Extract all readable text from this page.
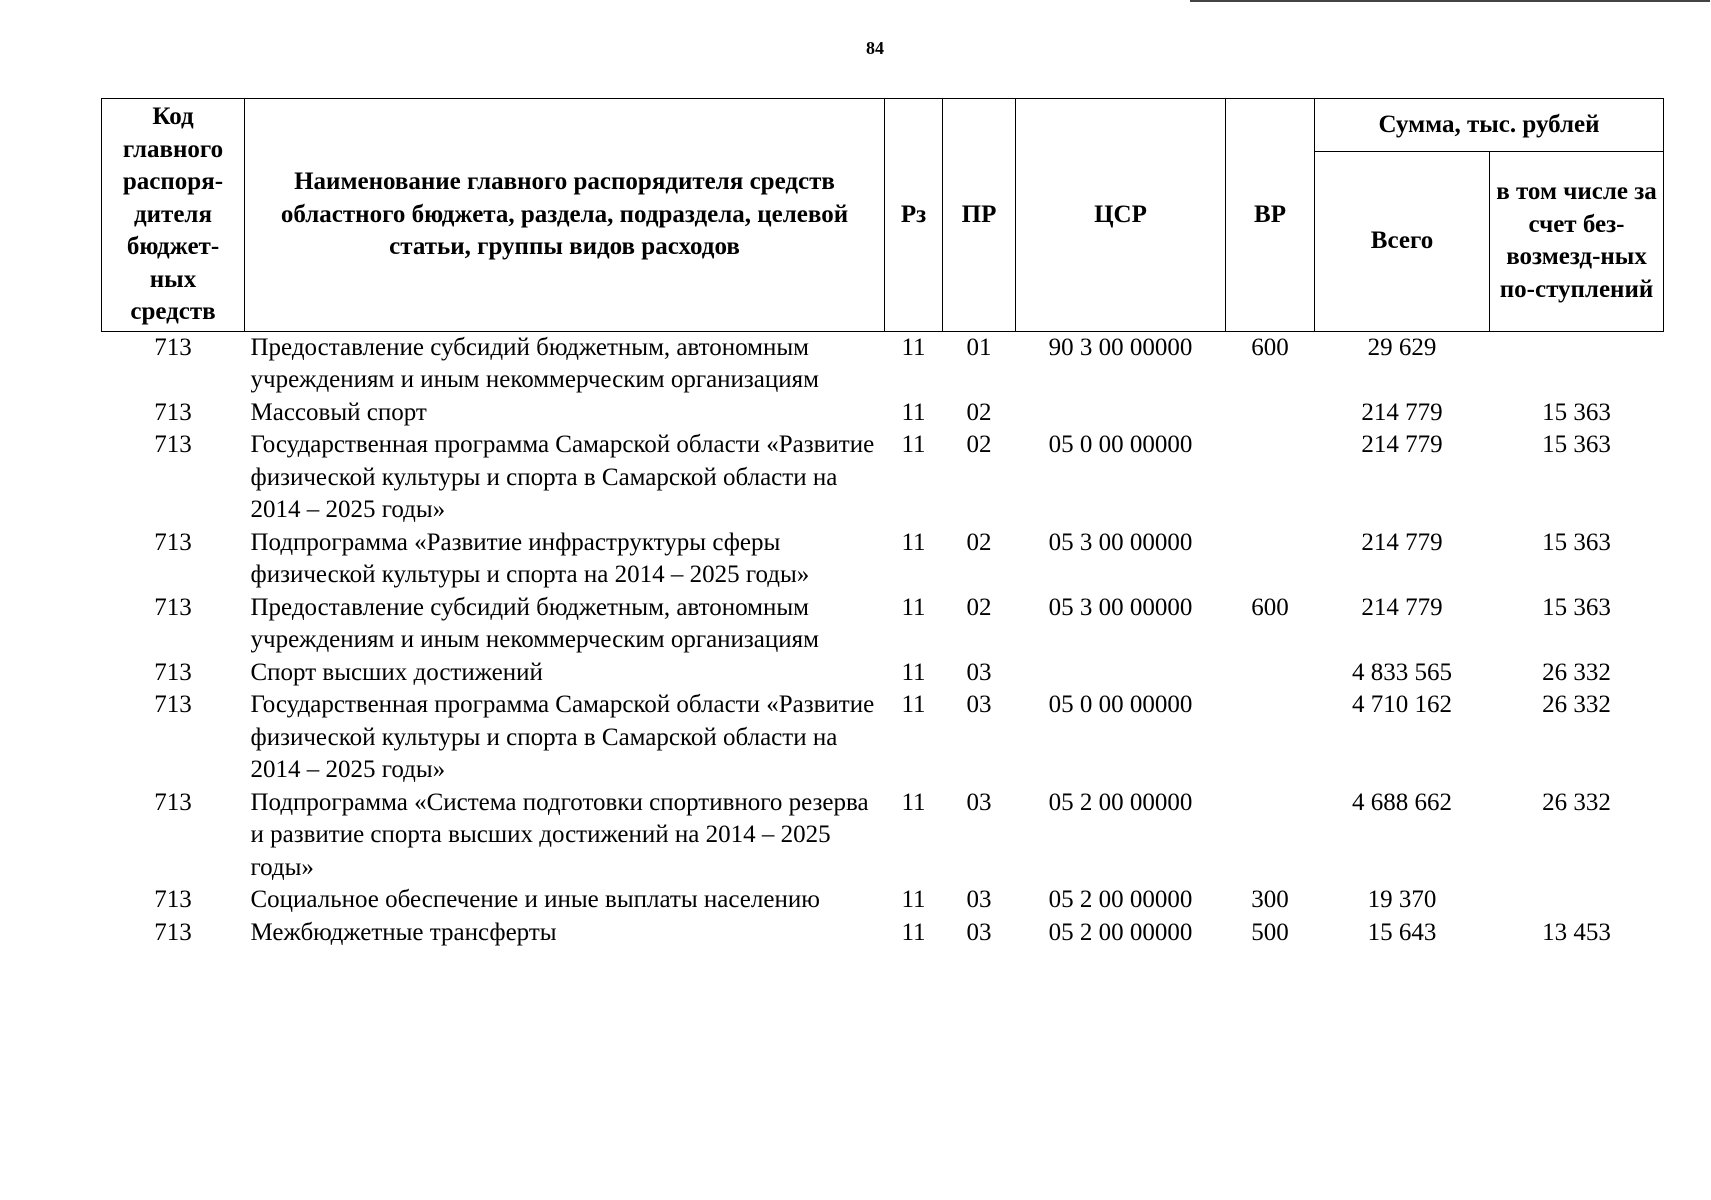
84
Код главного распоря-дителя бюджет-ных средств	Наименование главного распорядителя средств областного бюджета, раздела, подраздела, целевой статьи, группы видов расходов	Рз	ПР	ЦСР	ВР	Сумма, тыс. рублей	
						Всего	в том числе за счет без-возмезд-ных по-ступлений
713	Предоставление субсидий бюджетным, автономным учреждениям и иным некоммерческим организациям	11	01	90 3 00 00000	600	29 629	
713	Массовый спорт	11	02			214 779	15 363
713	Государственная программа Самарской области «Развитие физической культуры и спорта в Самарской области на 2014 – 2025 годы»	11	02	05 0 00 00000		214 779	15 363
713	Подпрограмма «Развитие инфраструктуры сферы физической культуры и спорта на 2014 – 2025 годы»	11	02	05 3 00 00000		214 779	15 363
713	Предоставление субсидий бюджетным, автономным учреждениям и иным некоммерческим организациям	11	02	05 3 00 00000	600	214 779	15 363
713	Спорт высших достижений	11	03			4 833 565	26 332
713	Государственная программа Самарской области «Развитие физической культуры и спорта в Самарской области на 2014 – 2025 годы»	11	03	05 0 00 00000		4 710 162	26 332
713	Подпрограмма «Система подготовки спортивного резерва и развитие спорта высших достижений на 2014 – 2025 годы»	11	03	05 2 00 00000		4 688 662	26 332
713	Социальное обеспечение и иные выплаты населению	11	03	05 2 00 00000	300	19 370	
713	Межбюджетные трансферты	11	03	05 2 00 00000	500	15 643	13 453
